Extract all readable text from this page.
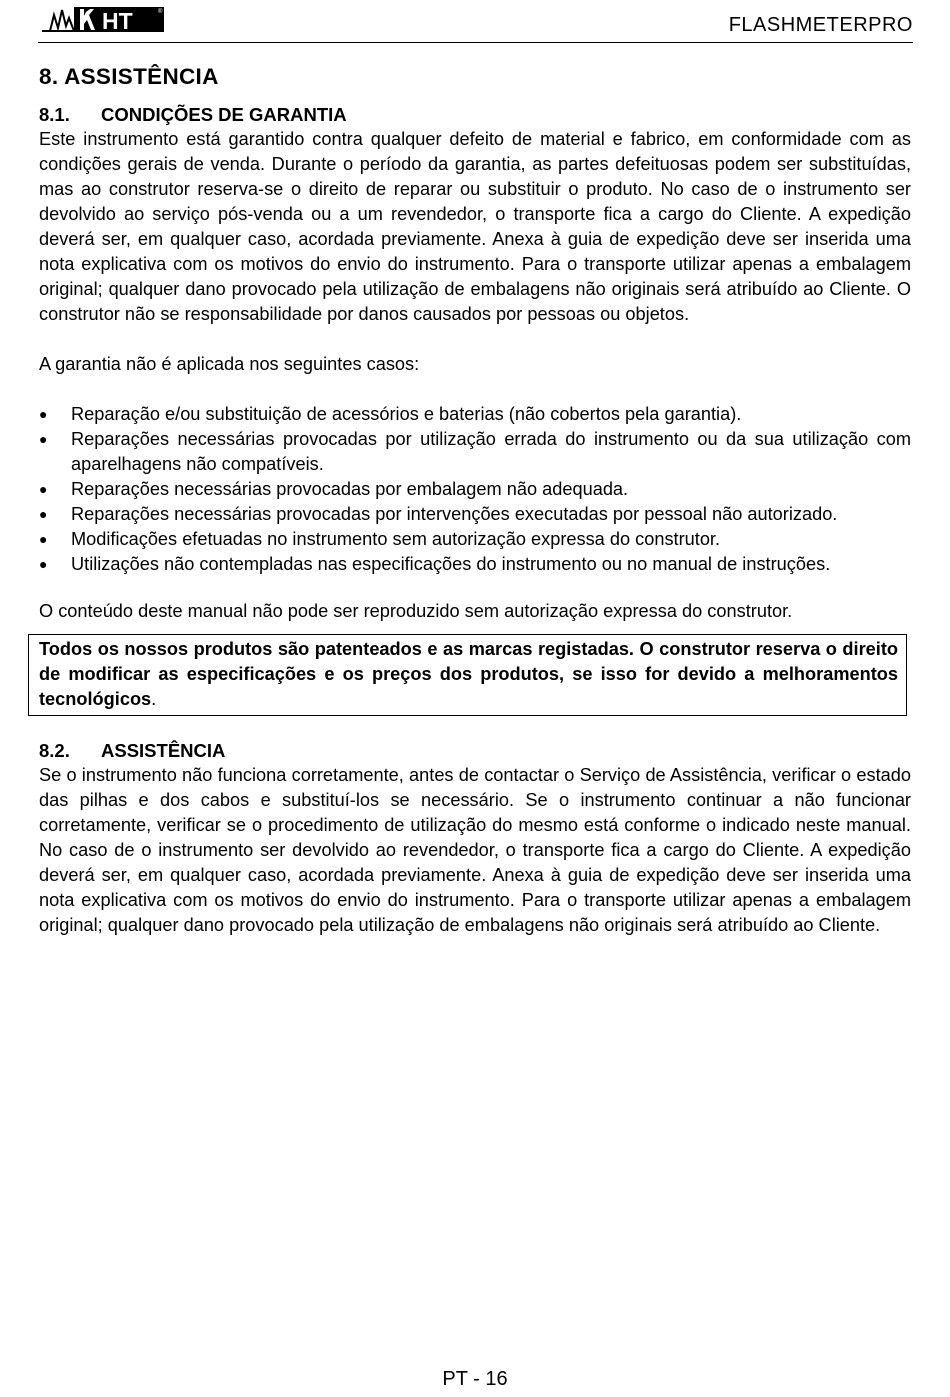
HT	®
FLASHMETERPRO
8. ASSISTÊNCIA
8.1.	CONDIÇÕES DE GARANTIA

Este instrumento está garantido contra qualquer defeito de material e fabrico, em conformidade com as condições gerais de venda. Durante o período da garantia, as partes defeituosas podem ser substituídas, mas ao construtor reserva-se o direito de reparar ou substituir o produto. No caso de o instrumento ser devolvido ao serviço pós-venda ou a um revendedor, o transporte fica a cargo do Cliente. A expedição deverá ser, em qualquer caso, acordada previamente. Anexa à guia de expedição deve ser inserida uma nota explicativa com os motivos do envio do instrumento. Para o transporte utilizar apenas a embalagem original; qualquer dano provocado pela utilização de embalagens não originais será atribuído ao Cliente. O construtor não se responsabilidade por danos causados por pessoas ou objetos.

A garantia não é aplicada nos seguintes casos:

●	Reparação e/ou substituição de acessórios e baterias (não cobertos pela garantia).
●	Reparações necessárias provocadas por utilização errada do instrumento ou da sua utilização com aparelhagens não compatíveis.
●	Reparações necessárias provocadas por embalagem não adequada.
●	Reparações necessárias provocadas por intervenções executadas por pessoal não autorizado.
●	Modificações efetuadas no instrumento sem autorização expressa do construtor.
●	Utilizações não contempladas nas especificações do instrumento ou no manual de instruções.

O conteúdo deste manual não pode ser reproduzido sem autorização expressa do construtor.

Todos os nossos produtos são patenteados e as marcas registadas. O construtor reserva o direito de modificar as especificações e os preços dos produtos, se isso for devido a melhoramentos tecnológicos.
8.2.	ASSISTÊNCIA

Se o instrumento não funciona corretamente, antes de contactar o Serviço de Assistência, verificar o estado das pilhas e dos cabos e substituí-los se necessário. Se o instrumento continuar a não funcionar corretamente, verificar se o procedimento de utilização do mesmo está conforme o indicado neste manual. No caso de o instrumento ser devolvido ao revendedor, o transporte fica a cargo do Cliente. A expedição deverá ser, em qualquer caso, acordada previamente. Anexa à guia de expedição deve ser inserida uma nota explicativa com os motivos do envio do instrumento. Para o transporte utilizar apenas a embalagem original; qualquer dano provocado pela utilização de embalagens não originais será atribuído ao Cliente.

PT - 16
